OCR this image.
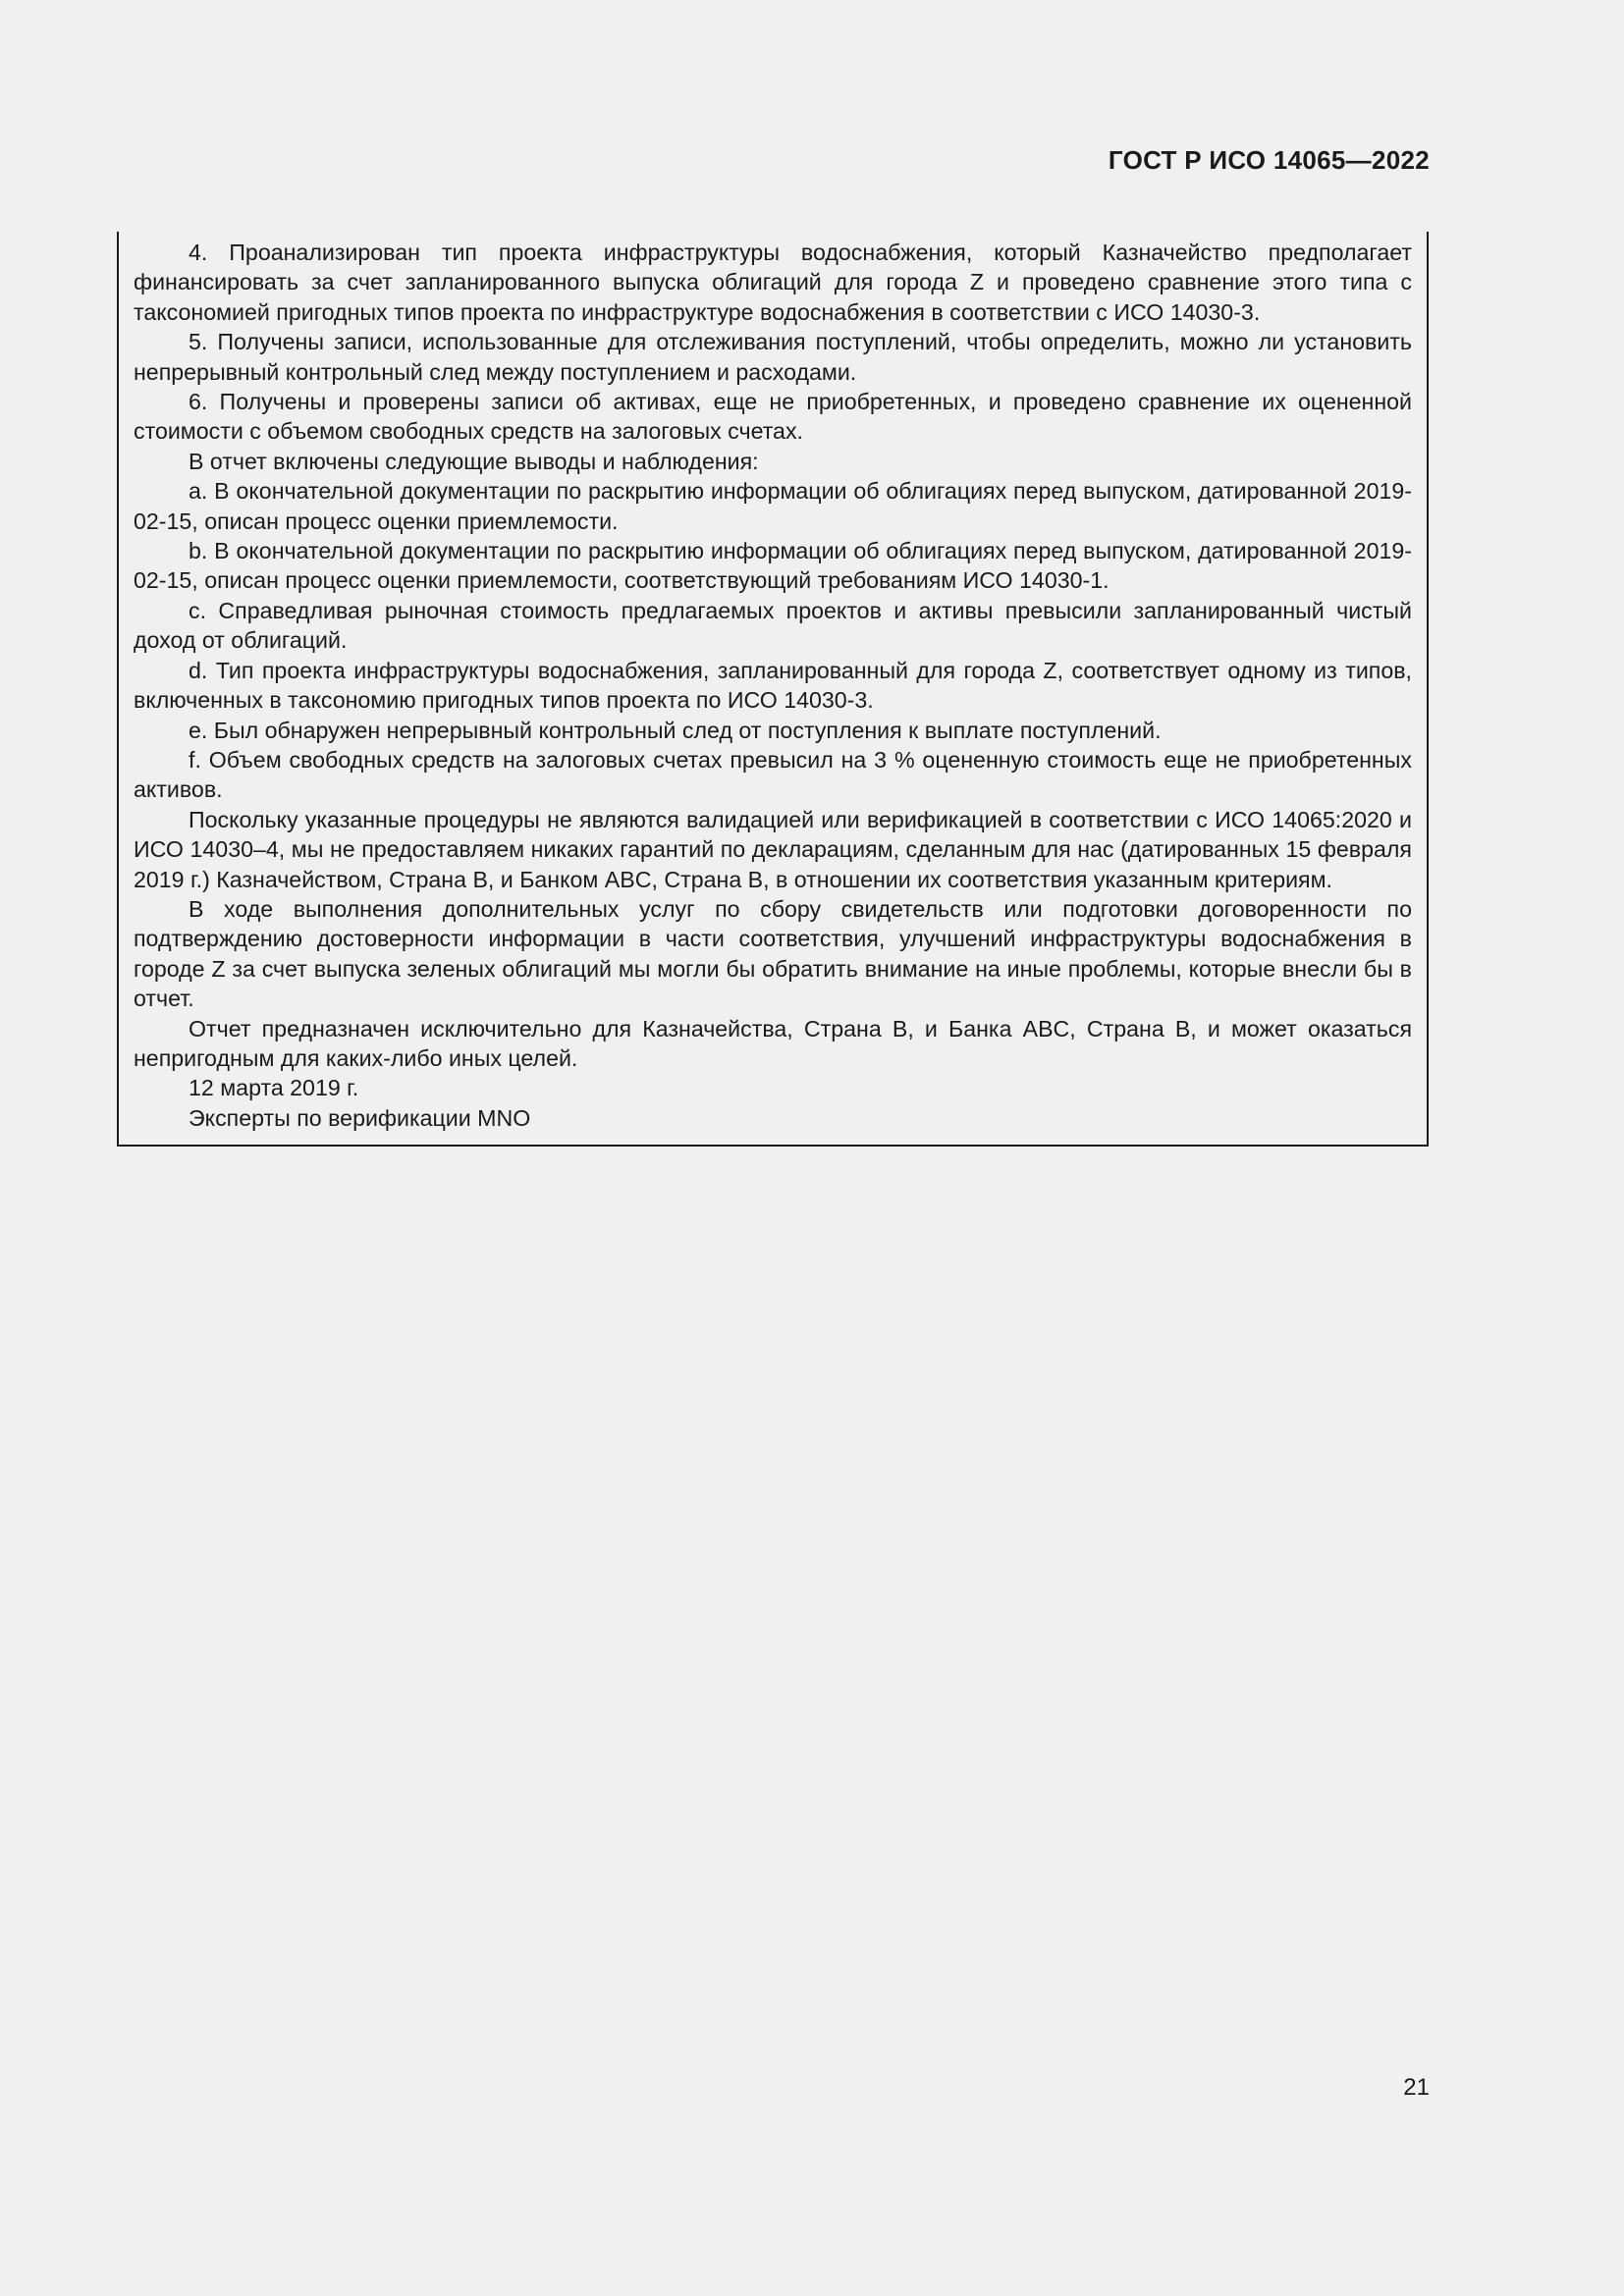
ГОСТ Р ИСО 14065—2022

4. Проанализирован тип проекта инфраструктуры водоснабжения, который Казначейство предполагает финансировать за счет запланированного выпуска облигаций для города Z и проведено сравнение этого типа с таксономией пригодных типов проекта по инфраструктуре водоснабжения в соответствии с ИСО 14030-3.

5. Получены записи, использованные для отслеживания поступлений, чтобы определить, можно ли установить непрерывный контрольный след между поступлением и расходами.

6. Получены и проверены записи об активах, еще не приобретенных, и проведено сравнение их оцененной стоимости с объемом свободных средств на залоговых счетах.

В отчет включены следующие выводы и наблюдения:

a. В окончательной документации по раскрытию информации об облигациях перед выпуском, датированной 2019-02-15, описан процесс оценки приемлемости.

b. В окончательной документации по раскрытию информации об облигациях перед выпуском, датированной 2019-02-15, описан процесс оценки приемлемости, соответствующий требованиям ИСО 14030-1.

c. Справедливая рыночная стоимость предлагаемых проектов и активы превысили запланированный чистый доход от облигаций.

d. Тип проекта инфраструктуры водоснабжения, запланированный для города Z, соответствует одному из типов, включенных в таксономию пригодных типов проекта по ИСО 14030-3.

e. Был обнаружен непрерывный контрольный след от поступления к выплате поступлений.

f. Объем свободных средств на залоговых счетах превысил на 3 % оцененную стоимость еще не приобретенных активов.

Поскольку указанные процедуры не являются валидацией или верификацией в соответствии с ИСО 14065:2020 и ИСО 14030–4, мы не предоставляем никаких гарантий по декларациям, сделанным для нас (датированных 15 февраля 2019 г.) Казначейством, Страна B, и Банком ABC, Страна B, в отношении их соответствия указанным критериям.

В ходе выполнения дополнительных услуг по сбору свидетельств или подготовки договоренности по подтверждению достоверности информации в части соответствия, улучшений инфраструктуры водоснабжения в городе Z за счет выпуска зеленых облигаций мы могли бы обратить внимание на иные проблемы, которые внесли бы в отчет.

Отчет предназначен исключительно для Казначейства, Страна B, и Банка ABC, Страна B, и может оказаться непригодным для каких-либо иных целей.

12 марта 2019 г.

Эксперты по верификации MNO

21
